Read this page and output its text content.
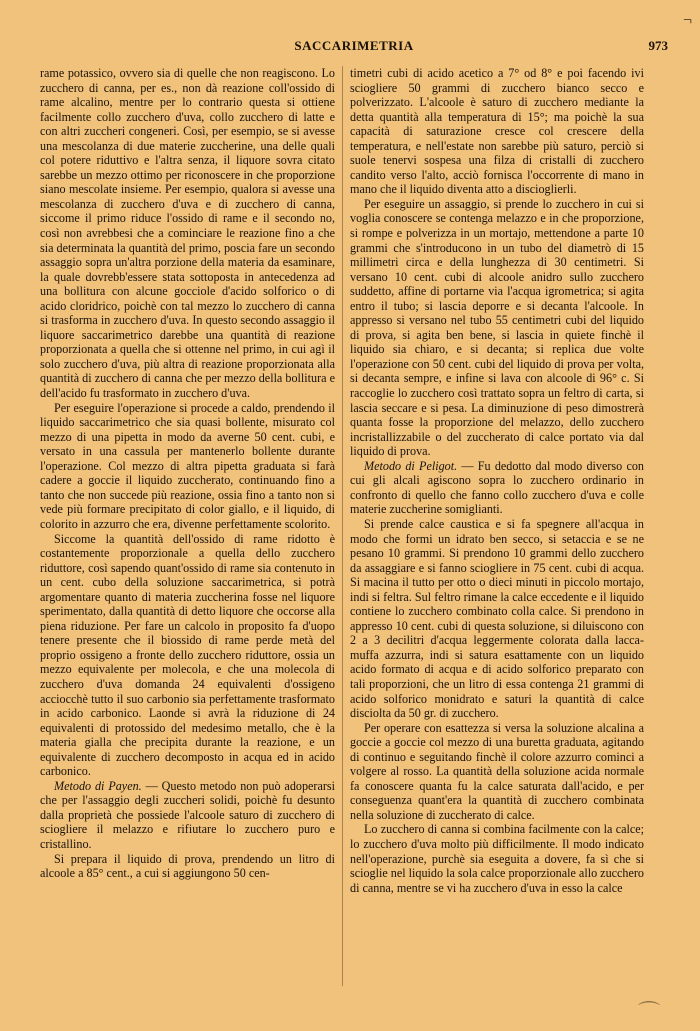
SACCARIMETRIA	973
¬

rame potassico, ovvero sia di quelle che non reagiscono. Lo zucchero di canna, per es., non dà reazione coll'ossido di rame alcalino, mentre per lo contrario questa si ottiene facilmente collo zucchero d'uva, collo zucchero di latte e con altri zuccheri congeneri. Così, per esempio, se si avesse una mescolanza di due materie zuccherine, una delle quali col potere riduttivo e l'altra senza, il liquore sovra citato sarebbe un mezzo ottimo per riconoscere in che proporzione siano mescolate insieme. Per esempio, qualora si avesse una mescolanza di zucchero d'uva e di zucchero di canna, siccome il primo riduce l'ossido di rame e il secondo no, così non avrebbesi che a cominciare le reazione fino a che sia determinata la quantità del primo, poscia fare un secondo assaggio sopra un'altra porzione della materia da esaminare, la quale dovrebb'essere stata sottoposta in antecedenza ad una bollitura con alcune gocciole d'acido solforico o di acido cloridrico, poichè con tal mezzo lo zucchero di canna si trasforma in zucchero d'uva. In questo secondo assaggio il liquore saccarimetrico darebbe una quantità di reazione proporzionata a quella che si ottenne nel primo, in cui agì il solo zucchero d'uva, più altra di reazione proporzionata alla quantità di zucchero di canna che per mezzo della bollitura e dell'acido fu trasformato in zucchero d'uva.

Per eseguire l'operazione si procede a caldo, prendendo il liquido saccarimetrico che sia quasi bollente, misurato col mezzo di una pipetta in modo da averne 50 cent. cubi, e versato in una cassula per mantenerlo bollente durante l'operazione. Col mezzo di altra pipetta graduata si farà cadere a goccie il liquido zuccherato, continuando fino a tanto che non succede più reazione, ossia fino a tanto non si vede più formare precipitato di color giallo, e il liquido, di colorito in azzurro che era, divenne perfettamente scolorito.

Siccome la quantità dell'ossido di rame ridotto è costantemente proporzionale a quella dello zucchero riduttore, così sapendo quant'ossido di rame sia contenuto in un cent. cubo della soluzione saccarimetrica, si potrà argomentare quanto di materia zuccherina fosse nel liquore sperimentato, dalla quantità di detto liquore che occorse alla piena riduzione. Per fare un calcolo in proposito fa d'uopo tenere presente che il biossido di rame perde metà del proprio ossigeno a fronte dello zucchero riduttore, ossia un mezzo equivalente per molecola, e che una molecola di zucchero d'uva domanda 24 equivalenti d'ossigeno acciocchè tutto il suo carbonio sia perfettamente trasformato in acido carbonico. Laonde si avrà la riduzione di 24 equivalenti di protossido del medesimo metallo, che è la materia gialla che precipita durante la reazione, e un equivalente di zucchero decomposto in acqua ed in acido carbonico.

Metodo di Payen. — Questo metodo non può adoperarsi che per l'assaggio degli zuccheri solidi, poichè fu desunto dalla proprietà che possiede l'alcoole saturo di zucchero di sciogliere il melazzo e rifiutare lo zucchero puro e cristallino.

Si prepara il liquido di prova, prendendo un litro di alcoole a 85° cent., a cui si aggiungono 50 cen-

timetri cubi di acido acetico a 7° od 8° e poi facendo ivi sciogliere 50 grammi di zucchero bianco secco e polverizzato. L'alcoole è saturo di zucchero mediante la detta quantità alla temperatura di 15°; ma poichè la sua capacità di saturazione cresce col crescere della temperatura, e nell'estate non sarebbe più saturo, perciò si suole tenervi sospesa una filza di cristalli di zucchero candito verso l'alto, acciò fornisca l'occorrente di mano in mano che il liquido diventa atto a discioglierli.

Per eseguire un assaggio, si prende lo zucchero in cui si voglia conoscere se contenga melazzo e in che proporzione, si rompe e polverizza in un mortajo, mettendone a parte 10 grammi che s'introducono in un tubo del diametrò di 15 millimetri circa e della lunghezza di 30 centimetri. Si versano 10 cent. cubi di alcoole anidro sullo zucchero suddetto, affine di portarne via l'acqua igrometrica; si agita entro il tubo; si lascia deporre e si decanta l'alcoole. In appresso si versano nel tubo 55 centimetri cubi del liquido di prova, si agita ben bene, si lascia in quiete finchè il liquido sia chiaro, e si decanta; si replica due volte l'operazione con 50 cent. cubi del liquido di prova per volta, si decanta sempre, e infine si lava con alcoole di 96° c. Si raccoglie lo zucchero così trattato sopra un feltro di carta, si lascia seccare e si pesa. La diminuzione di peso dimostrerà quanta fosse la proporzione del melazzo, dello zucchero incristallizzabile o del zuccherato di calce portato via dal liquido di prova.

Metodo di Peligot. — Fu dedotto dal modo diverso con cui gli alcali agiscono sopra lo zucchero ordinario in confronto di quello che fanno collo zucchero d'uva e colle materie zuccherine somiglianti.

Si prende calce caustica e si fa spegnere all'acqua in modo che formi un idrato ben secco, si setaccia e se ne pesano 10 grammi. Si prendono 10 grammi dello zucchero da assaggiare e si fanno sciogliere in 75 cent. cubi di acqua. Si macina il tutto per otto o dieci minuti in piccolo mortajo, indi si feltra. Sul feltro rimane la calce eccedente e il liquido contiene lo zucchero combinato colla calce. Si prendono in appresso 10 cent. cubi di questa soluzione, si diluiscono con 2 a 3 decilitri d'acqua leggermente colorata dalla lacca-muffa azzurra, indi si satura esattamente con un liquido acido formato di acqua e di acido solforico preparato con tali proporzioni, che un litro di essa contenga 21 grammi di acido solforico monidrato e saturi la quantità di calce disciolta da 50 gr. di zucchero.

Per operare con esattezza si versa la soluzione alcalina a goccie a goccie col mezzo di una buretta graduata, agitando di continuo e seguitando finchè il colore azzurro cominci a volgere al rosso. La quantità della soluzione acida normale fa conoscere quanta fu la calce saturata dall'acido, e per conseguenza quant'era la quantità di zucchero combinata nella soluzione di zuccherato di calce.

Lo zucchero di canna si combina facilmente con la calce; lo zucchero d'uva molto più difficilmente. Il modo indicato nell'operazione, purchè sia eseguita a dovere, fa sì che si scioglie nel liquido la sola calce proporzionale allo zucchero di canna, mentre se vi ha zucchero d'uva in esso la calce

⌒
